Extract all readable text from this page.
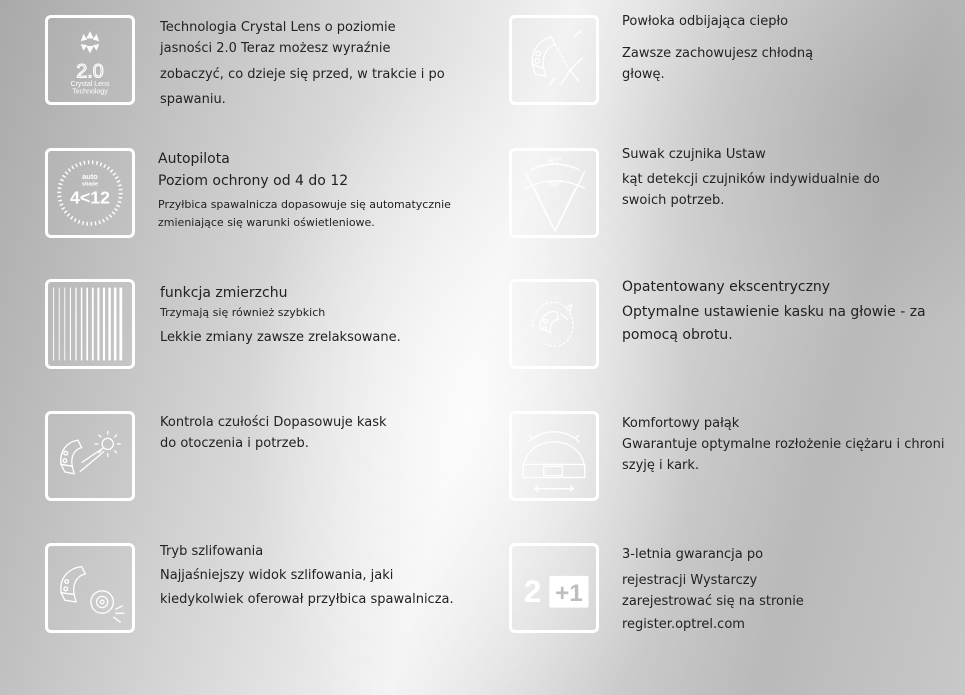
2.0
Crystal Lens
Technology
Technologia Crystal Lens o poziomie
jasności 2.0 Teraz możesz wyraźnie
zobaczyć, co dzieje się przed, w trakcie i po
spawaniu.
Powłoka odbijająca ciepło
Zawsze zachowujesz chłodną
głowę.
auto
shade
4<12
Autopilota
Poziom ochrony od 4 do 12
Przyłbica spawalnicza dopasowuje się automatycznie
zmieniające się warunki oświetleniowe.
60°
80°
Suwak czujnika Ustaw
kąt detekcji czujników indywidualnie do
swoich potrzeb.
funkcja zmierzchu
Trzymają się również szybkich
Lekkie zmiany zawsze zrelaksowane.
Opatentowany ekscentryczny
Optymalne ustawienie kasku na głowie - za
pomocą obrotu.
Kontrola czułości Dopasowuje kask
do otoczenia i potrzeb.
Komfortowy pałąk
Gwarantuje optymalne rozłożenie ciężaru i chroni
szyję i kark.
Tryb szlifowania
Najjaśniejszy widok szlifowania, jaki
kiedykolwiek oferował przyłbica spawalnicza. 2 +1
3-letnia gwarancja po
rejestracji Wystarczy
zarejestrować się na stronie
register.optrel.com
